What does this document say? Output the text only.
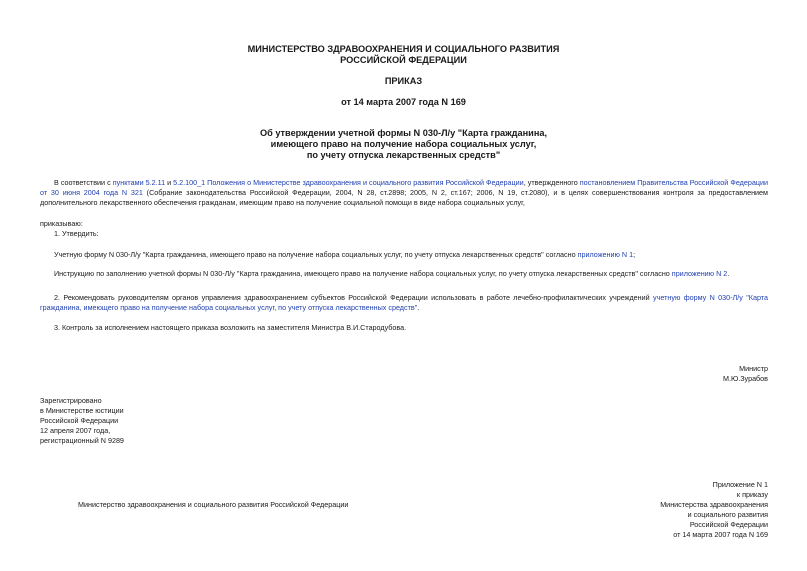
МИНИСТЕРСТВО ЗДРАВООХРАНЕНИЯ И СОЦИАЛЬНОГО РАЗВИТИЯ
РОССИЙСКОЙ ФЕДЕРАЦИИ
ПРИКАЗ
от 14 марта 2007 года N 169
Об утверждении учетной формы N 030-Л/у "Карта гражданина,
имеющего право на получение набора социальных услуг,
по учету отпуска лекарственных средств"
В соответствии с пунктами 5.2.11 и 5.2.100_1 Положения о Министерстве здравоохранения и социального развития Российской Федерации, утвержденного постановлением Правительства Российской Федерации от 30 июня 2004 года N 321 (Собрание законодательства Российской Федерации, 2004, N 28, ст.2898; 2005, N 2, ст.167; 2006, N 19, ст.2080), и в целях совершенствования контроля за предоставлением дополнительного лекарственного обеспечения гражданам, имеющим право на получение социальной помощи в виде набора социальных услуг,
приказываю:
1. Утвердить:
Учетную форму N 030-Л/у "Карта гражданина, имеющего право на получение набора социальных услуг, по учету отпуска лекарственных средств" согласно приложению N 1;
Инструкцию по заполнению учетной формы N 030-Л/у "Карта гражданина, имеющего право на получение набора социальных услуг, по учету отпуска лекарственных средств" согласно приложению N 2.
2. Рекомендовать руководителям органов управления здравоохранением субъектов Российской Федерации использовать в работе лечебно-профилактических учреждений учетную форму N 030-Л/у "Карта гражданина, имеющего право на получение набора социальных услуг, по учету отпуска лекарственных средств".
3. Контроль за исполнением настоящего приказа возложить на заместителя Министра В.И.Стародубова.
Министр
М.Ю.Зурабов
Зарегистрировано
в Министерстве юстиции
Российской Федерации
12 апреля 2007 года,
регистрационный N 9289
Приложение N 1
к приказу
Министерства здравоохранения
и социального развития
Российской Федерации
от 14 марта 2007 года N 169
Министерство здравоохранения и социального развития Российской Федерации
